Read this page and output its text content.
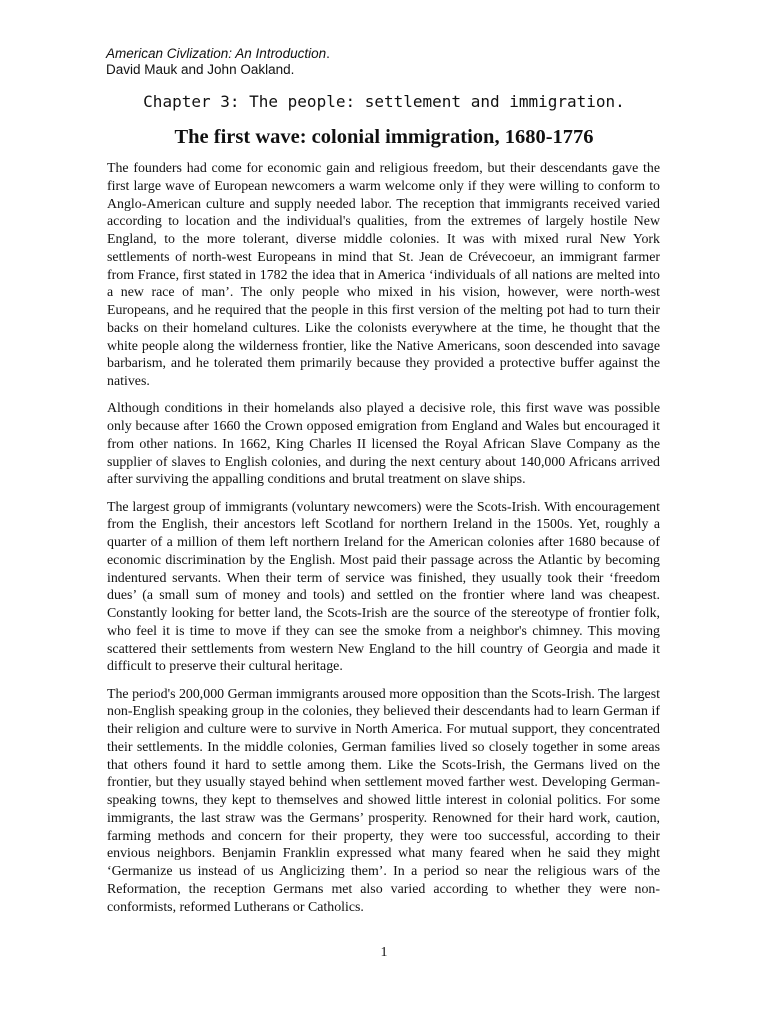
American Civlization: An Introduction.
David Mauk and John Oakland.
Chapter 3: The people: settlement and immigration.
The first wave: colonial immigration, 1680-1776

The founders had come for economic gain and religious freedom, but their descendants gave the first large wave of European newcomers a warm welcome only if they were willing to conform to Anglo-American culture and supply needed labor. The reception that immigrants received varied according to location and the individual's qualities, from the extremes of largely hostile New England, to the more tolerant, diverse middle colonies. It was with mixed rural New York settlements of north-west Europeans in mind that St. Jean de Crévecoeur, an immigrant farmer from France, first stated in 1782 the idea that in America ‘individuals of all nations are melted into a new race of man’. The only people who mixed in his vision, however, were north-west Europeans, and he required that the people in this first version of the melting pot had to turn their backs on their homeland cultures. Like the colonists everywhere at the time, he thought that the white people along the wilderness frontier, like the Native Americans, soon descended into savage barbarism, and he tolerated them primarily because they provided a protective buffer against the natives.

Although conditions in their homelands also played a decisive role, this first wave was possible only because after 1660 the Crown opposed emigration from England and Wales but encouraged it from other nations. In 1662, King Charles II licensed the Royal African Slave Company as the supplier of slaves to English colonies, and during the next century about 140,000 Africans arrived after surviving the appalling conditions and brutal treatment on slave ships.

The largest group of immigrants (voluntary newcomers) were the Scots-Irish. With encouragement from the English, their ancestors left Scotland for northern Ireland in the 1500s. Yet, roughly a quarter of a million of them left northern Ireland for the American colonies after 1680 because of economic discrimination by the English. Most paid their passage across the Atlantic by becoming indentured servants. When their term of service was finished, they usually took their ‘freedom dues’ (a small sum of money and tools) and settled on the frontier where land was cheapest. Constantly looking for better land, the Scots-Irish are the source of the stereotype of frontier folk, who feel it is time to move if they can see the smoke from a neighbor's chimney. This moving scattered their settlements from western New England to the hill country of Georgia and made it difficult to preserve their cultural heritage.

The period's 200,000 German immigrants aroused more opposition than the Scots-Irish. The largest non-English speaking group in the colonies, they believed their descendants had to learn German if their religion and culture were to survive in North America. For mutual support, they concentrated their settlements. In the middle colonies, German families lived so closely together in some areas that others found it hard to settle among them. Like the Scots-Irish, the Germans lived on the frontier, but they usually stayed behind when settlement moved farther west. Developing German-speaking towns, they kept to themselves and showed little interest in colonial politics. For some immigrants, the last straw was the Germans’ prosperity. Renowned for their hard work, caution, farming methods and concern for their property, they were too successful, according to their envious neighbors. Benjamin Franklin expressed what many feared when he said they might ‘Germanize us instead of us Anglicizing them’. In a period so near the religious wars of the Reformation, the reception Germans met also varied according to whether they were non-conformists, reformed Lutherans or Catholics.

1
